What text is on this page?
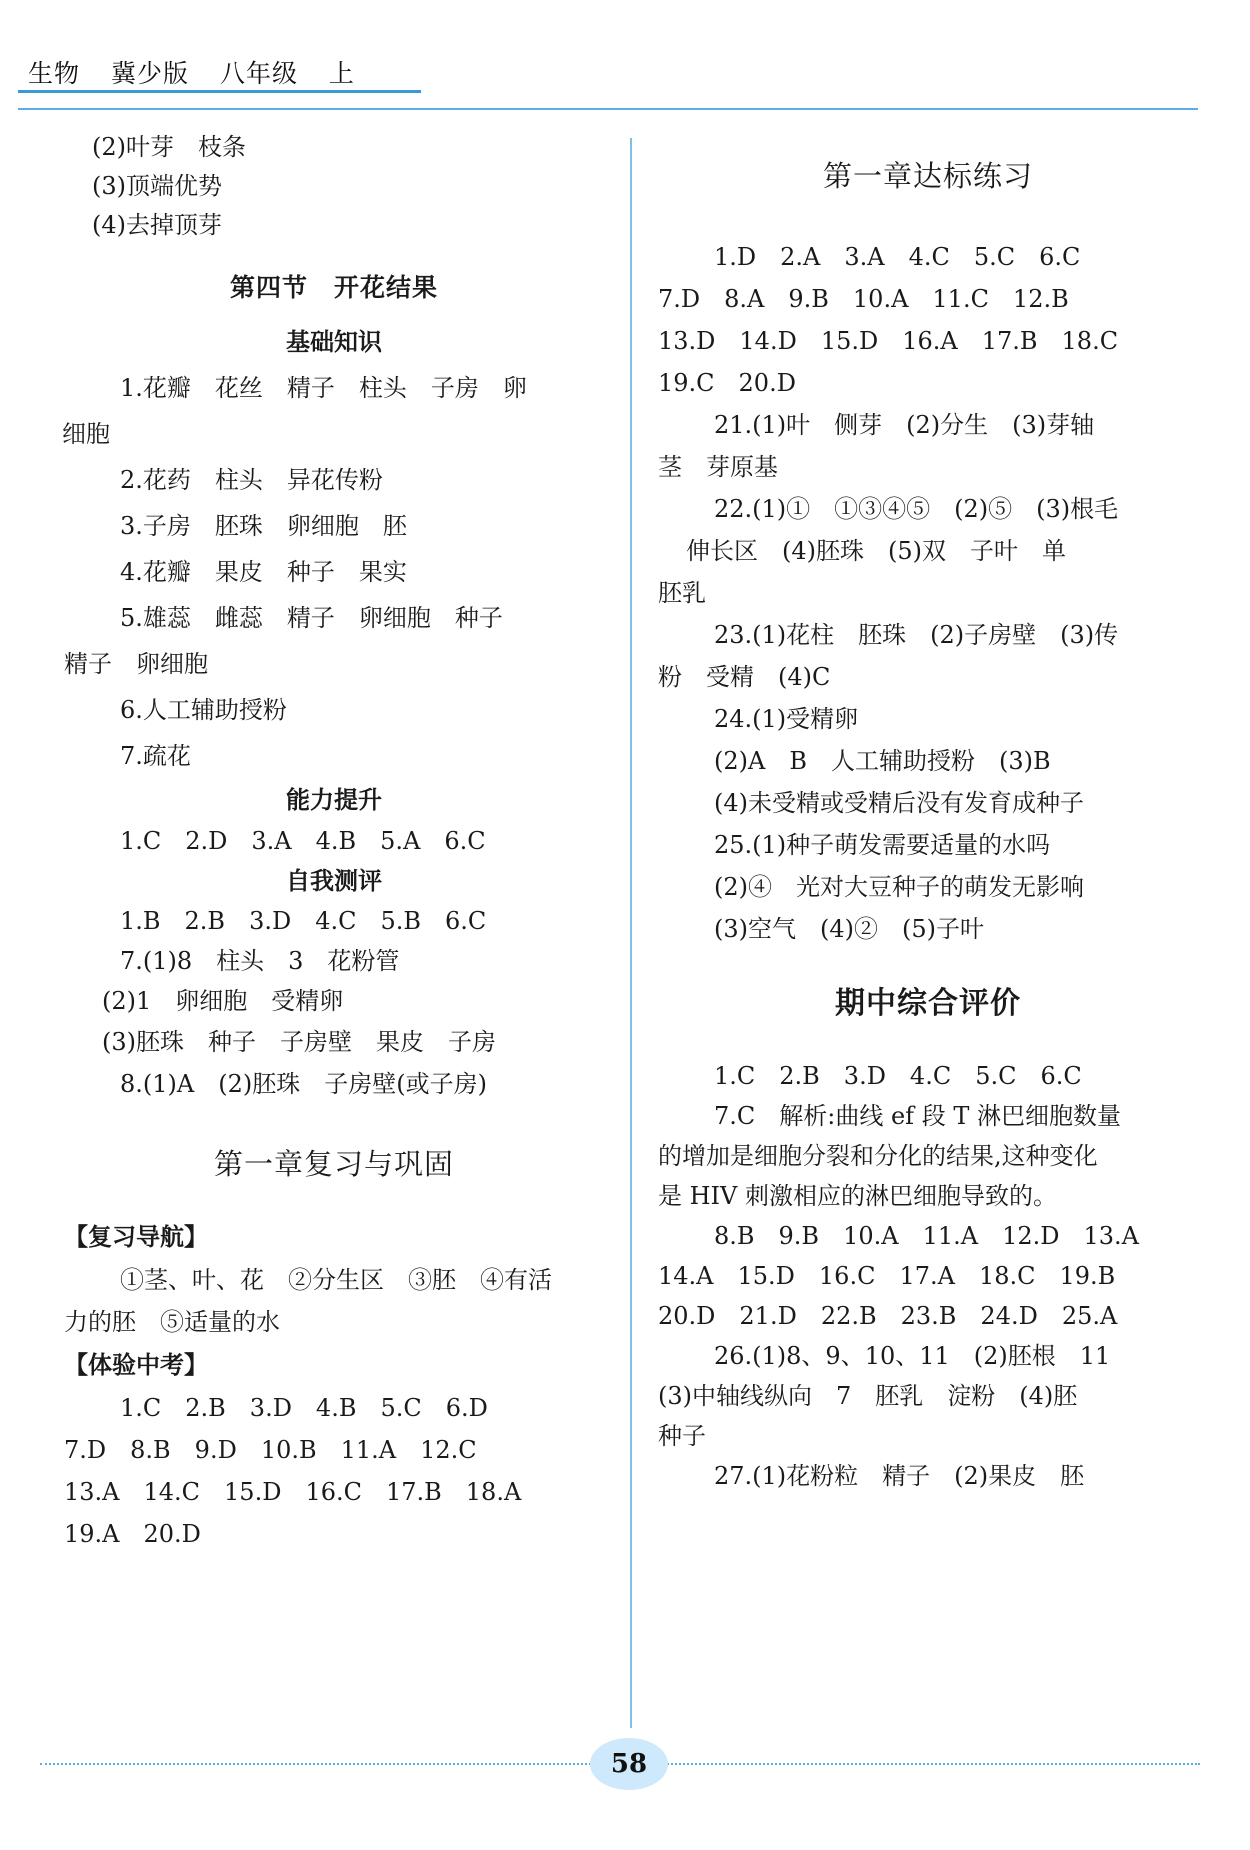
生物 冀少版 八年级 上
(2)叶芽　枝条
(3)顶端优势
(4)去掉顶芽
第四节　开花结果
基础知识
1.花瓣　花丝　精子　柱头　子房　卵
细胞
2.花药　柱头　异花传粉
3.子房　胚珠　卵细胞　胚
4.花瓣　果皮　种子　果实
5.雄蕊　雌蕊　精子　卵细胞　种子
精子　卵细胞
6.人工辅助授粉
7.疏花
能力提升
1.C　2.D　3.A　4.B　5.A　6.C
自我测评
1.B　2.B　3.D　4.C　5.B　6.C
7.(1)8　柱头　3　花粉管
(2)1　卵细胞　受精卵
(3)胚珠　种子　子房壁　果皮　子房
8.(1)A　(2)胚珠　子房壁(或子房)
第一章复习与巩固
【复习导航】
①茎、叶、花　②分生区　③胚　④有活
力的胚　⑤适量的水
【体验中考】
1.C　2.B　3.D　4.B　5.C　6.D
7.D　8.B　9.D　10.B　11.A　12.C
13.A　14.C　15.D　16.C　17.B　18.A
19.A　20.D
第一章达标练习
1.D　2.A　3.A　4.C　5.C　6.C
7.D　8.A　9.B　10.A　11.C　12.B
13.D　14.D　15.D　16.A　17.B　18.C
19.C　20.D
21.(1)叶　侧芽　(2)分生　(3)芽轴
茎　芽原基
22.(1)①　①③④⑤　(2)⑤　(3)根毛
伸长区　(4)胚珠　(5)双　子叶　单
胚乳
23.(1)花柱　胚珠　(2)子房壁　(3)传
粉　受精　(4)C
24.(1)受精卵
(2)A　B　人工辅助授粉　(3)B
(4)未受精或受精后没有发育成种子
25.(1)种子萌发需要适量的水吗
(2)④　光对大豆种子的萌发无影响
(3)空气　(4)②　(5)子叶
期中综合评价
1.C　2.B　3.D　4.C　5.C　6.C
7.C　解析:曲线 ef 段 T 淋巴细胞数量
的增加是细胞分裂和分化的结果,这种变化
是 HIV 刺激相应的淋巴细胞导致的。
8.B　9.B　10.A　11.A　12.D　13.A
14.A　15.D　16.C　17.A　18.C　19.B
20.D　21.D　22.B　23.B　24.D　25.A
26.(1)8、9、10、11　(2)胚根　11
(3)中轴线纵向　7　胚乳　淀粉　(4)胚
种子
27.(1)花粉粒　精子　(2)果皮　胚
58
